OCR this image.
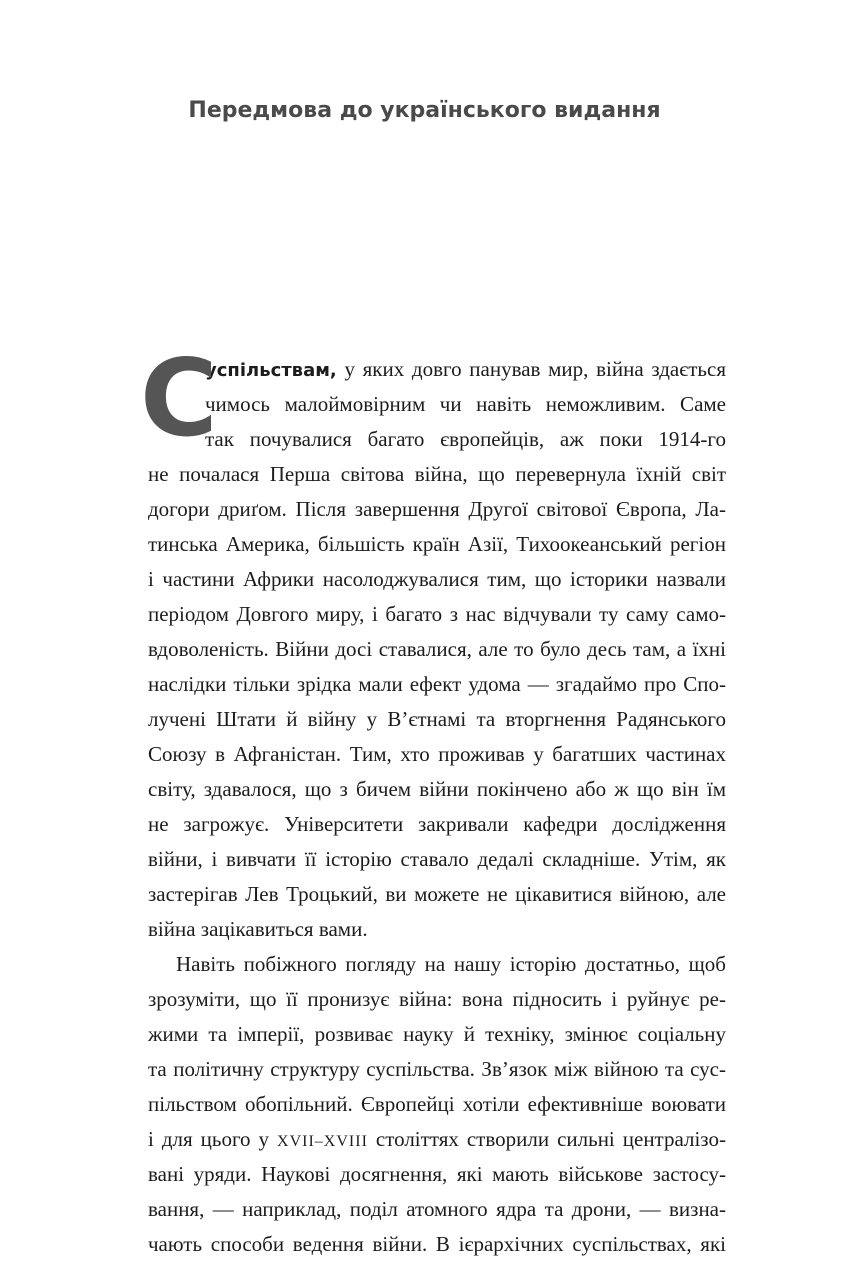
Передмова до українського видання
С
успільствам, у яких довго панував мир, війна здається
чимось малоймовірним чи навіть неможливим. Саме
так почувалися багато європейців, аж поки 1914-го
не почалася Перша світова війна, що перевернула їхній світ
догори дриґом. Після завершення Другої світової Європа, Ла-
тинська Америка, більшість країн Азії, Тихоокеанський регіон
і частини Африки насолоджувалися тим, що історики назвали
періодом Довгого миру, і багато з нас відчували ту саму само-
вдоволеність. Війни досі ставалися, але то було десь там, а їхні
наслідки тільки зрідка мали ефект удома — згадаймо про Спо-
лучені Штати й війну у В’єтнамі та вторгнення Радянського
Союзу в Афганістан. Тим, хто проживав у багатших частинах
світу, здавалося, що з бичем війни покінчено або ж що він їм
не загрожує. Університети закривали кафедри дослідження
війни, і вивчати її історію ставало дедалі складніше. Утім, як
застерігав Лев Троцький, ви можете не цікавитися війною, але
війна зацікавиться вами.
Навіть побіжного погляду на нашу історію достатньо, щоб
зрозуміти, що її пронизує війна: вона підносить і руйнує ре-
жими та імперії, розвиває науку й техніку, змінює соціальну
та політичну структуру суспільства. Зв’язок між війною та сус-
пільством обопільний. Європейці хотіли ефективніше воювати
і для цього у XVII–XVIII століттях створили сильні централізо-
вані уряди. Наукові досягнення, які мають військове застосу-
вання, — наприклад, поділ атомного ядра та дрони, — визна-
чають способи ведення війни. В ієрархічних суспільствах, які
